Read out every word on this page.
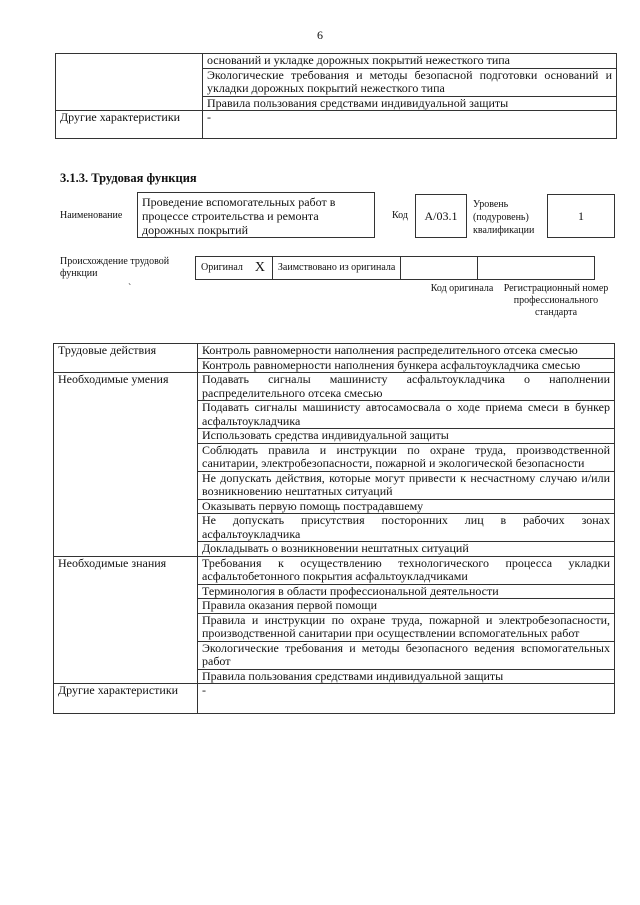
6
	оснований и укладке дорожных покрытий нежесткого типа
	Экологические требования и методы безопасной подготовки оснований и укладки дорожных покрытий нежесткого типа
	Правила пользования средствами индивидуальной защиты
Другие характеристики	-
3.1.3. Трудовая функция
Наименование
Проведение вспомогательных работ в процессе строительства и ремонта дорожных покрытий
Код	А/03.1
Уровень
(подуровень)
квалификации
1
Происхождение трудовой функции
Оригинал	X	Заимствовано из оригинала		
`	Код оригинала	Регистрационный номер профессионального стандарта
Трудовые действия	Контроль равномерности наполнения распределительного отсека смесью
	Контроль равномерности наполнения бункера асфальтоукладчика смесью
Необходимые умения	Подавать сигналы машинисту асфальтоукладчика о наполнении распределительного отсека смесью
	Подавать сигналы машинисту автосамосвала о ходе приема смеси в бункер асфальтоукладчика
	Использовать средства индивидуальной защиты
	Соблюдать правила и инструкции по охране труда, производственной санитарии, электробезопасности, пожарной и экологической безопасности
	Не допускать действия, которые могут привести к несчастному случаю и/или возникновению нештатных ситуаций
	Оказывать первую помощь пострадавшему
	Не допускать присутствия посторонних лиц в рабочих зонах асфальтоукладчика
	Докладывать о возникновении нештатных ситуаций
Необходимые знания	Требования к осуществлению технологического процесса укладки асфальтобетонного покрытия асфальтоукладчиками
	Терминология в области профессиональной деятельности
	Правила оказания первой помощи
	Правила и инструкции по охране труда, пожарной и электробезопасности, производственной санитарии при осуществлении вспомогательных работ
	Экологические требования и методы безопасного ведения вспомогательных работ
	Правила пользования средствами индивидуальной защиты
Другие характеристики	-
